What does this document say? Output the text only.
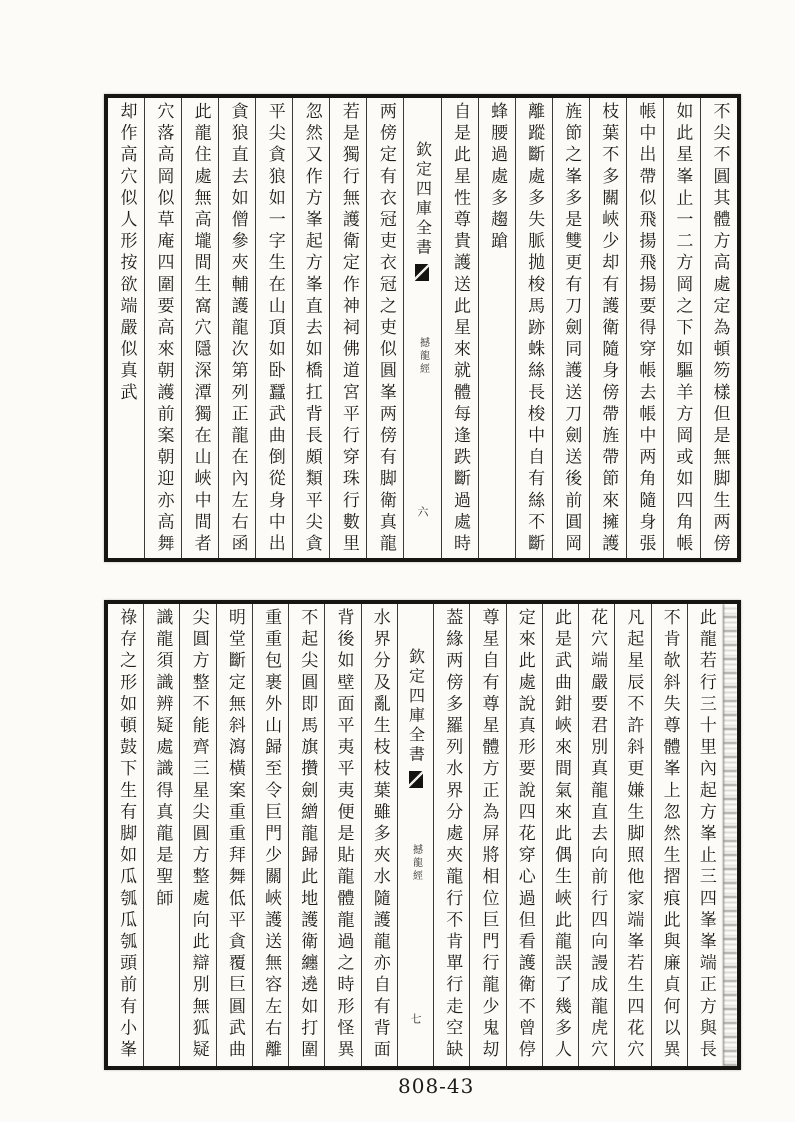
不尖不圓其體方高處定為頓笏樣但是無脚生两傍
如此星峯止一二方岡之下如驅羊方岡或如四角帳
帳中出帶似飛揚飛揚要得穿帳去帳中两角隨身張
枝葉不多關峽少却有護衛隨身傍帶旌帶節來擁護
旌節之峯多是雙更有刀劍同護送刀劍送後前圓岡
離蹤斷處多失脈拋梭馬跡蛛絲長梭中自有絲不斷
蜂腰過處多趨蹌
自是此星性尊貴護送此星來就體每逢跌斷過處時
欽定四庫全書
撼龍經
六
两傍定有衣冠吏衣冠之吏似圓峯两傍有脚衛真龍
若是獨行無護衛定作神祠佛道宮平行穿珠行數里
忽然又作方峯起方峯直去如橋扛背長頗類平尖貪
平尖貪狼如一字生在山頂如卧蠶武曲倒從身中出
貪狼直去如僧參夾輔護龍次第列正龍在內左右函
此龍住處無高壠間生窩穴隱深潭獨在山峽中間者
穴落高岡似草庵四圍要高來朝護前案朝迎亦高舞
却作高穴似人形按欲端嚴似真武
此龍若行三十里內起方峯止三四峯峯端正方與長
不肯欹斜失尊體峯上忽然生摺痕此與廉貞何以異
凡起星辰不許斜更嫌生脚照他家端峯若生四花穴
花穴端嚴要君別真龍直去向前行四向謾成龍虎穴
此是武曲鉗峽來間氣來此偶生峽此龍誤了幾多人
定來此處說真形要說四花穿心過但看護衛不曾停
尊星自有尊星體方正為屏將相位巨門行龍少鬼刧
葢緣两傍多羅列水界分處夾龍行不肯單行走空缺
欽定四庫全書
撼龍經
七
水界分及亂生枝枝葉雖多夾水隨護龍亦自有背面
背後如壁面平夷平夷便是貼龍體龍過之時形怪異
不起尖圓即馬旗攢劍繒龍歸此地護衛纏遶如打圍
重重包裹外山歸至令巨門少關峽護送無容左右離
明堂斷定無斜瀉橫案重重拜舞低平貪覆巨圓武曲
尖圓方整不能齊三星尖圓方整處向此辯別無狐疑
識龍須識辨疑處識得真龍是聖師
祿存之形如頓鼓下生有脚如瓜瓠瓜瓠頭前有小峯
808-43
